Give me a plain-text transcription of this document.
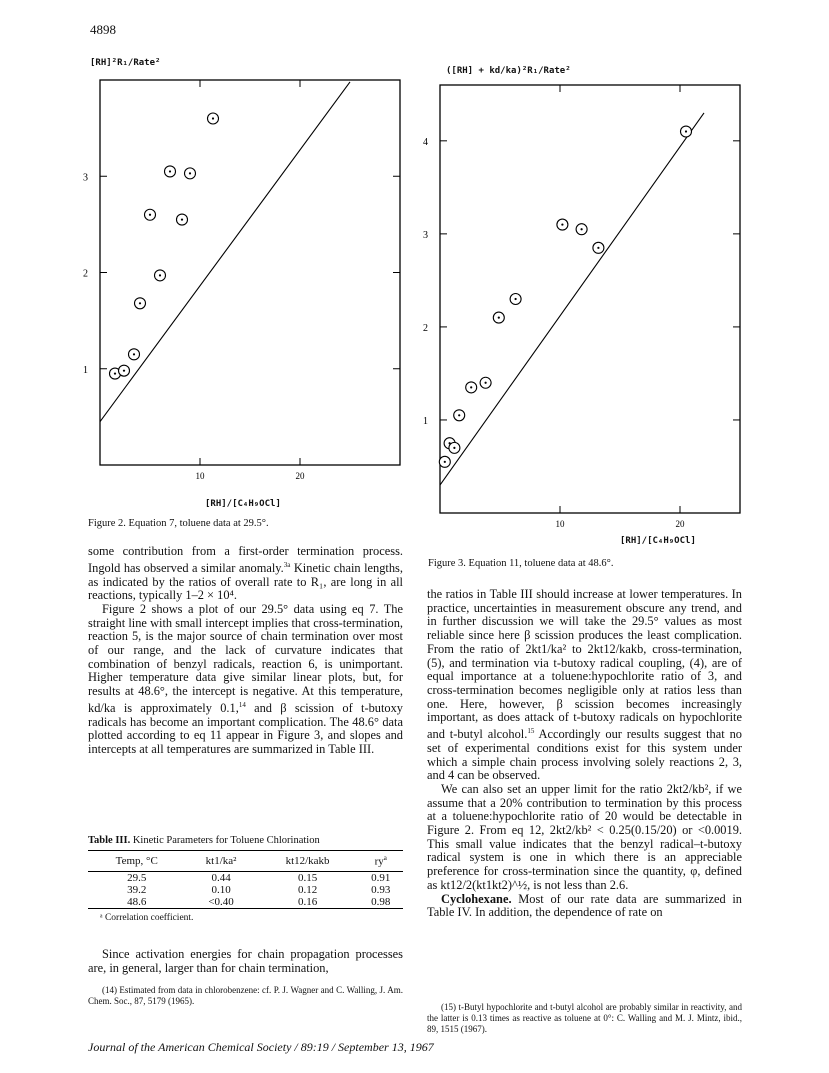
4898
[RH]²R₁/Rate²
1
2
3
10	20
[RH]/[C₄H₉OCl]
Figure 2. Equation 7, toluene data at 29.5°.
([RH] + kd/ka)²R₁/Rate²
1
2
3
4
10	20
[RH]/[C₄H₉OCl]
Figure 3. Equation 11, toluene data at 48.6°.

some contribution from a first-order termination process. Ingold has observed a similar anomaly.$^{3a}$ Kinetic chain lengths, as indicated by the ratios of overall rate to R₁, are long in all reactions, typically 1–2 × 10⁴.

Figure 2 shows a plot of our 29.5° data using eq 7. The straight line with small intercept implies that cross-termination, reaction 5, is the major source of chain termination over most of our range, and the lack of curvature indicates that combination of benzyl radicals, reaction 6, is unimportant. Higher temperature data give similar linear plots, but, for results at 48.6°, the intercept is negative. At this temperature, kd/ka is approximately 0.1,14 and β scission of t-butoxy radicals has become an important complication. The 48.6° data plotted according to eq 11 appear in Figure 3, and slopes and intercepts at all temperatures are summarized in Table III.

Table III. Kinetic Parameters for Toluene Chlorination
Temp, °C	kt1/ka²	kt12/kakb	$ry^a$
29.5	0.44	0.15	0.91
39.2	0.10	0.12	0.93
48.6	<0.40	0.16	0.98
ᵃ Correlation coefficient.

Since activation energies for chain propagation processes are, in general, larger than for chain termination,

(14) Estimated from data in chlorobenzene: cf. P. J. Wagner and C. Walling, J. Am. Chem. Soc., 87, 5179 (1965).

the ratios in Table III should increase at lower temperatures. In practice, uncertainties in measurement obscure any trend, and in further discussion we will take the 29.5° values as most reliable since here β scission produces the least complication. From the ratio of 2kt1/ka² to 2kt12/kakb, cross-termination, (5), and termination via t-butoxy radical coupling, (4), are of equal importance at a toluene:hypochlorite ratio of 3, and cross-termination becomes negligible only at ratios less than one. Here, however, β scission becomes increasingly important, as does attack of t-butoxy radicals on hypochlorite and t-butyl alcohol.$^{15}$ Accordingly our results suggest that no set of experimental conditions exist for this system under which a simple chain process involving solely reactions 2, 3, and 4 can be observed.

We can also set an upper limit for the ratio 2kt2/kb², if we assume that a 20% contribution to termination by this process at a toluene:hypochlorite ratio of 20 would be detectable in Figure 2. From eq 12, 2kt2/kb² < 0.25(0.15/20) or <0.0019. This small value indicates that the benzyl radical–t-butoxy radical system is one in which there is an appreciable preference for cross-termination since the quantity, φ, defined as kt12/2(kt1kt2)^½, is not less than 2.6.

Cyclohexane. Most of our rate data are summarized in Table IV. In addition, the dependence of rate on

(15) t-Butyl hypochlorite and t-butyl alcohol are probably similar in reactivity, and the latter is 0.13 times as reactive as toluene at 0°: C. Walling and M. J. Mintz, ibid., 89, 1515 (1967).

Journal of the American Chemical Society / 89:19 / September 13, 1967
